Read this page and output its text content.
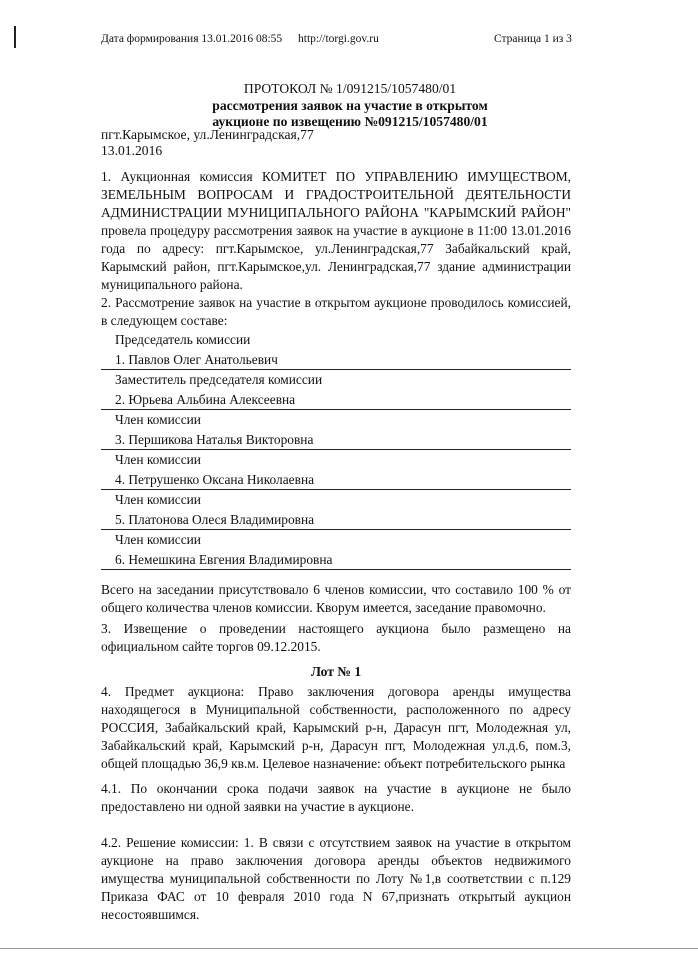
Дата формирования 13.01.2016 08:55 http://torgi.gov.ru	Страница 1 из 3
ПРОТОКОЛ № 1/091215/1057480/01
рассмотрения заявок на участие в открытом
аукционе по извещению №091215/1057480/01
пгт.Карымское, ул.Ленинградская,77
13.01.2016

1. Аукционная комиссия КОМИТЕТ ПО УПРАВЛЕНИЮ ИМУЩЕСТВОМ, ЗЕМЕЛЬНЫМ ВОПРОСАМ И ГРАДОСТРОИТЕЛЬНОЙ ДЕЯТЕЛЬНОСТИ АДМИНИСТРАЦИИ МУНИЦИПАЛЬНОГО РАЙОНА "КАРЫМСКИЙ РАЙОН" провела процедуру рассмотрения заявок на участие в аукционе в 11:00 13.01.2016 года по адресу: пгт.Карымское, ул.Ленинградская,77 Забайкальский край, Карымский район, пгт.Карымское,ул. Ленинградская,77 здание администрации муниципального района.

2. Рассмотрение заявок на участие в открытом аукционе проводилось комиссией, в следующем составе:

Председатель комиссии
1. Павлов Олег Анатольевич
Заместитель председателя комиссии
2. Юрьева Альбина Алексеевна
Член комиссии
3. Першикова Наталья Викторовна
Член комиссии
4. Петрушенко Оксана Николаевна
Член комиссии
5. Платонова Олеся Владимировна
Член комиссии
6. Немешкина Евгения Владимировна

Всего на заседании присутствовало 6 членов комиссии, что составило 100 % от общего количества членов комиссии. Кворум имеется, заседание правомочно.

3. Извещение о проведении настоящего аукциона было размещено на официальном сайте торгов 09.12.2015.

Лот № 1

4. Предмет аукциона: Право заключения договора аренды имущества находящегося в Муниципальной собственности, расположенного по адресу РОССИЯ, Забайкальский край, Карымский р-н, Дарасун пгт, Молодежная ул, Забайкальский край, Карымский р-н, Дарасун пгт, Молодежная ул.д.6, пом.3, общей площадью 36,9 кв.м. Целевое назначение: объект потребительского рынка

4.1. По окончании срока подачи заявок на участие в аукционе не было предоставлено ни одной заявки на участие в аукционе.

4.2. Решение комиссии: 1. В связи с отсутствием заявок на участие в открытом аукционе на право заключения договора аренды объектов недвижимого имущества муниципальной собственности по Лоту №1,в соответствии с п.129 Приказа ФАС от 10 февраля 2010 года N 67,признать открытый аукцион несостоявшимся.
